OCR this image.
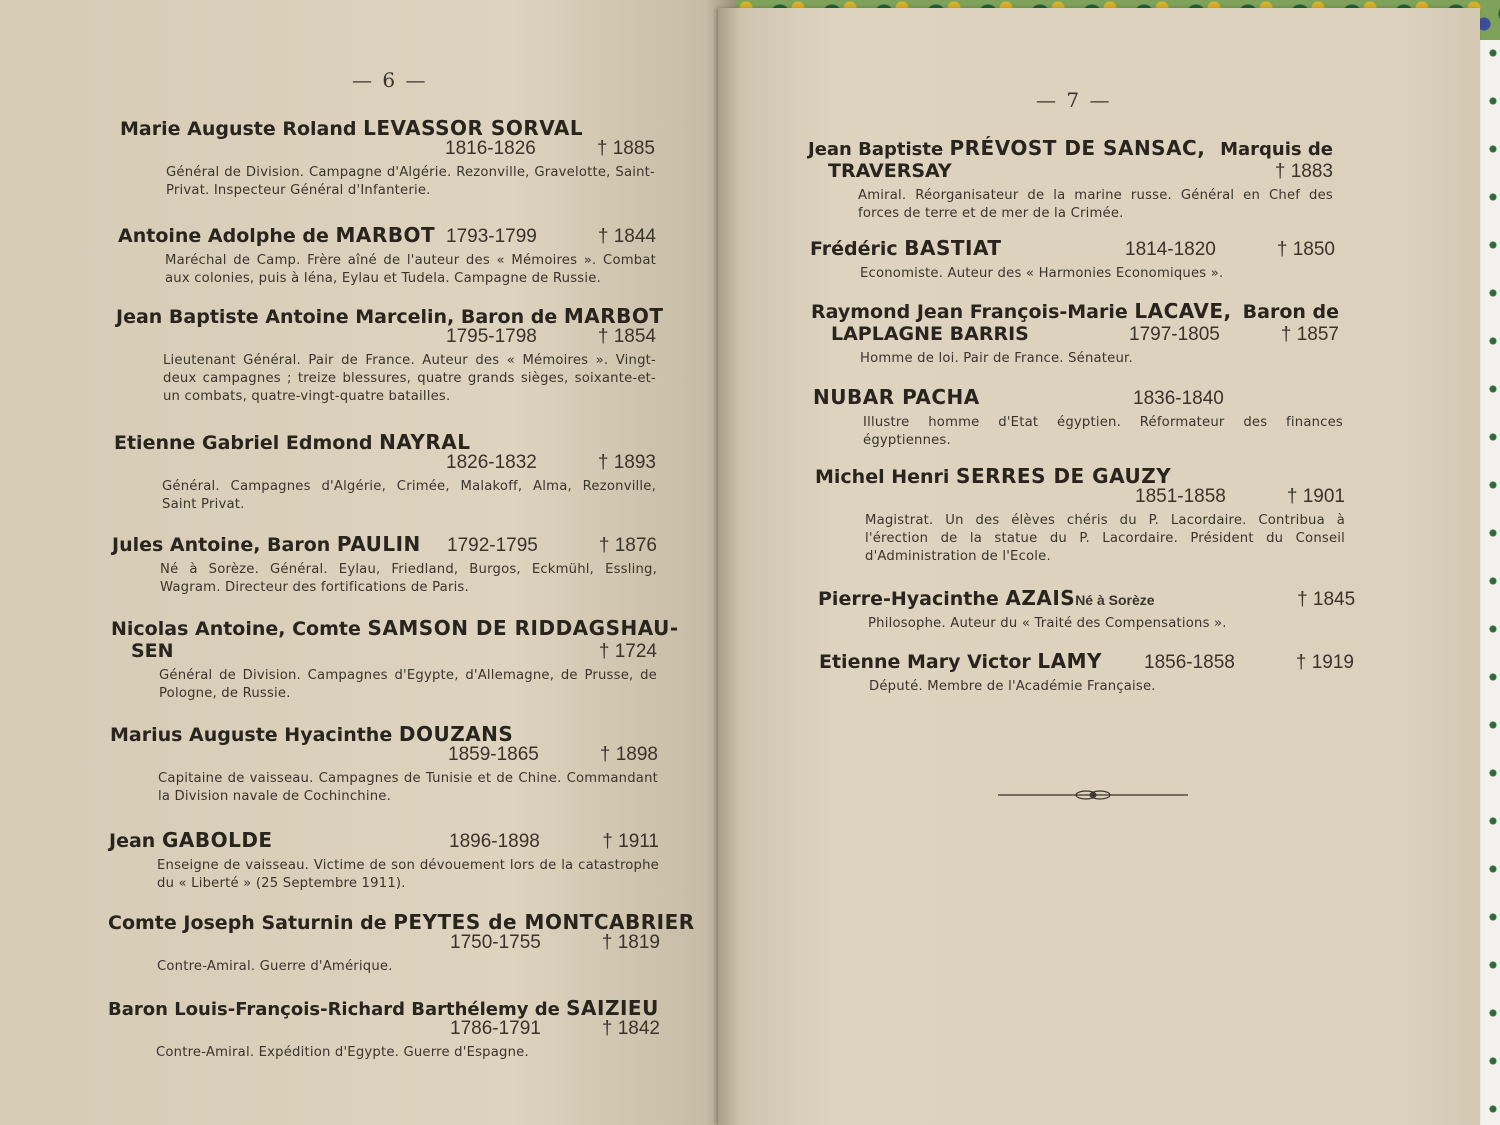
— 6 —
Marie Auguste Roland LEVASSOR SORVAL
1816-1826	† 1885
Général de Division. Campagne d'Algérie. Rezonville, Gravelotte, Saint-Privat. Inspecteur Général d'Infanterie.
Antoine Adolphe de MARBOT 1793-1799	† 1844
Maréchal de Camp. Frère aîné de l'auteur des « Mémoires ». Combat aux colonies, puis à Iéna, Eylau et Tudela. Campagne de Russie.
Jean Baptiste Antoine Marcelin, Baron de MARBOT
1795-1798	† 1854
Lieutenant Général. Pair de France. Auteur des « Mémoires ». Vingt-deux campagnes ; treize blessures, quatre grands sièges, soixante-et-un combats, quatre-vingt-quatre batailles.
Etienne Gabriel Edmond NAYRAL
1826-1832	† 1893
Général. Campagnes d'Algérie, Crimée, Malakoff, Alma, Rezonville, Saint Privat.
Jules Antoine, Baron PAULIN 1792-1795	† 1876
Né à Sorèze. Général. Eylau, Friedland, Burgos, Eckmühl, Essling, Wagram. Directeur des fortifications de Paris.
Nicolas Antoine, Comte SAMSON DE RIDDAGSHAU-
SEN	† 1724
Général de Division. Campagnes d'Egypte, d'Allemagne, de Prusse, de Pologne, de Russie.
Marius Auguste Hyacinthe DOUZANS
1859-1865	† 1898
Capitaine de vaisseau. Campagnes de Tunisie et de Chine. Commandant la Division navale de Cochinchine.
Jean GABOLDE	1896-1898	† 1911
Enseigne de vaisseau. Victime de son dévouement lors de la catastrophe du « Liberté » (25 Septembre 1911).
Comte Joseph Saturnin de PEYTES de MONTCABRIER
1750-1755	† 1819
Contre-Amiral. Guerre d'Amérique.
Baron Louis-François-Richard Barthélemy de SAIZIEU
1786-1791	† 1842
Contre-Amiral. Expédition d'Egypte. Guerre d'Espagne.
— 7 —
Jean Baptiste PRÉVOST DE SANSAC, Marquis de
TRAVERSAY	† 1883
Amiral. Réorganisateur de la marine russe. Général en Chef des forces de terre et de mer de la Crimée.
Frédéric BASTIAT	1814-1820	† 1850
Economiste. Auteur des « Harmonies Economiques ».
Raymond Jean François-Marie LACAVE, Baron de
LAPLAGNE BARRIS	1797-1805	† 1857
Homme de loi. Pair de France. Sénateur.
NUBAR PACHA	1836-1840
Illustre homme d'Etat égyptien. Réformateur des finances égyptiennes.
Michel Henri SERRES DE GAUZY
1851-1858	† 1901
Magistrat. Un des élèves chéris du P. Lacordaire. Contribua à l'érection de la statue du P. Lacordaire. Président du Conseil d'Administration de l'Ecole.
Pierre-Hyacinthe AZAIS Né à Sorèze	† 1845
Philosophe. Auteur du « Traité des Compensations ».
Etienne Mary Victor LAMY 1856-1858	† 1919
Député. Membre de l'Académie Française.
